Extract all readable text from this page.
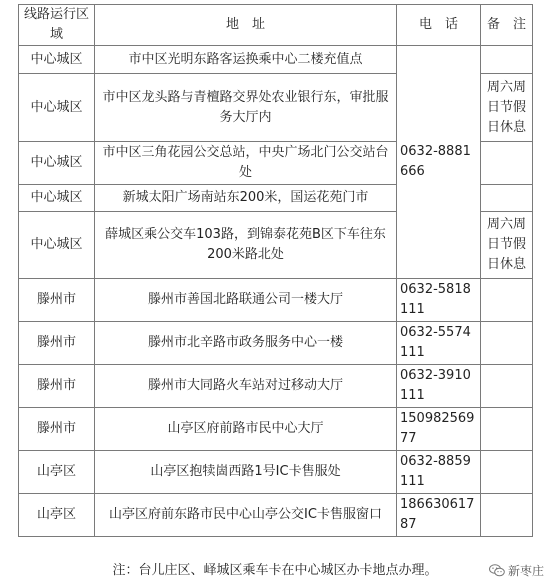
线路运行区域	地　址	电　话	备　注
中心城区	市中区光明东路客运换乘中心二楼充值点	0632-8881666	
中心城区	市中区龙头路与青檀路交界处农业银行东，审批服务大厅内		周六周日节假日休息
中心城区	市中区三角花园公交总站，中央广场北门公交站台处		
中心城区	新城太阳广场南站东200米，国运花苑门市		
中心城区	薛城区乘公交车103路，到锦泰花苑B区下车往东200米路北处		周六周日节假日休息
滕州市	滕州市善国北路联通公司一楼大厅	0632-5818111	
滕州市	滕州市北辛路市政务服务中心一楼	0632-5574111	
滕州市	滕州市大同路火车站对过移动大厅	0632-3910111	
滕州市	山亭区府前路市民中心大厅	15098256977	
山亭区	山亭区抱犊崮西路1号IC卡售服处	0632-8859111	
山亭区	山亭区府前东路市民中心山亭公交IC卡售服窗口	18663061787	
注：台儿庄区、峄城区乘车卡在中心城区办卡地点办理。	新枣庄
